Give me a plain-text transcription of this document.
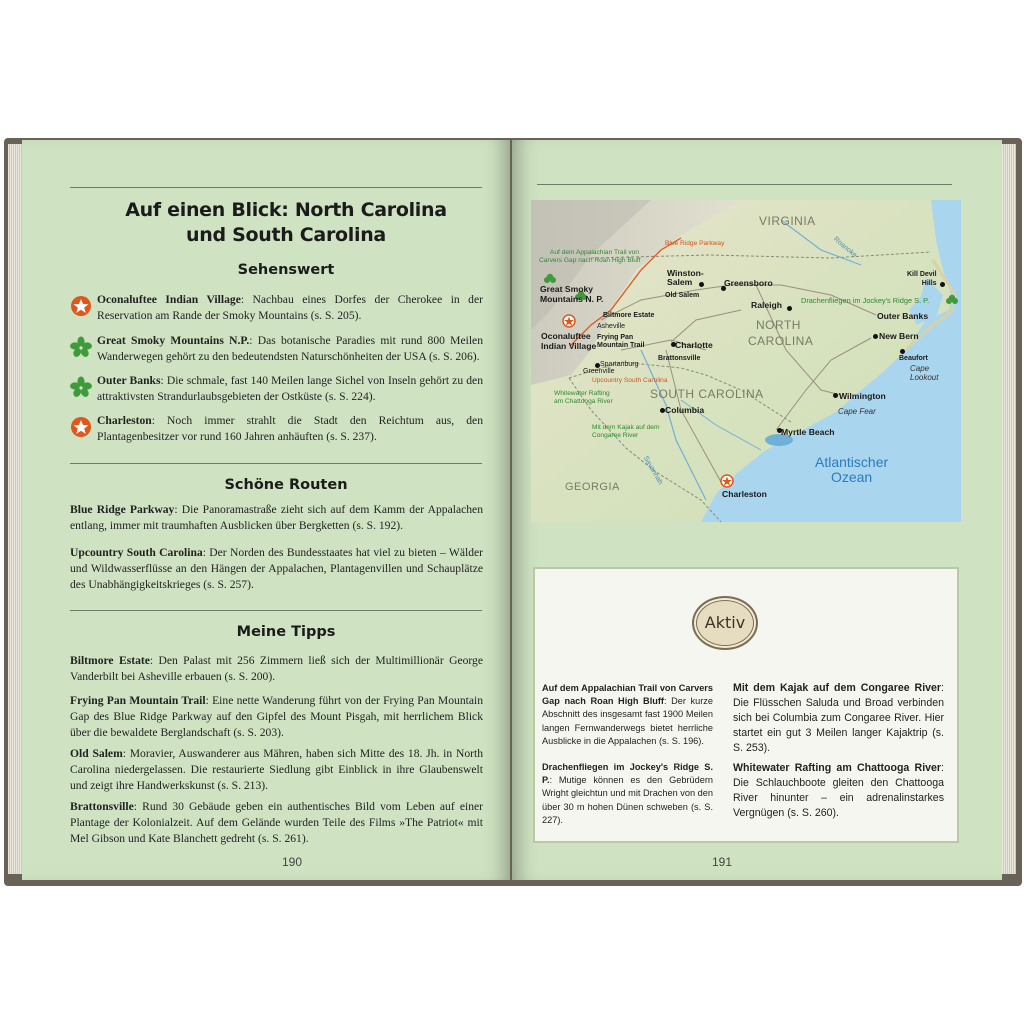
Auf einen Blick: North Carolina
und South Carolina
Sehenswert
Oconaluftee Indian Village: Nachbau eines Dorfes der Cherokee in der Reservation am Rande der Smoky Mountains (s. S. 205).
Great Smoky Mountains N.P.: Das botanische Paradies mit rund 800 Meilen Wanderwegen gehört zu den bedeutendsten Naturschönheiten der USA (s. S. 206).
Outer Banks: Die schmale, fast 140 Meilen lange Sichel von Inseln gehört zu den attraktivsten Strandurlaubsgebieten der Ostküste (s. S. 224).
Charleston: Noch immer strahlt die Stadt den Reichtum aus, den Plantagenbesitzer vor rund 160 Jahren anhäuften (s. S. 237).
Schöne Routen
Blue Ridge Parkway: Die Panoramastraße zieht sich auf dem Kamm der Appalachen entlang, immer mit traumhaften Ausblicken über Bergketten (s. S. 192).
Upcountry South Carolina: Der Norden des Bundesstaates hat viel zu bieten – Wälder und Wildwasserflüsse an den Hängen der Appalachen, Plantagenvillen und Schauplätze des Unabhängigkeitskrieges (s. S. 257).
Meine Tipps
Biltmore Estate: Den Palast mit 256 Zimmern ließ sich der Multimillionär George Vanderbilt bei Asheville erbauen (s. S. 200).
Frying Pan Mountain Trail: Eine nette Wanderung führt von der Frying Pan Mountain Gap des Blue Ridge Parkway auf den Gipfel des Mount Pisgah, mit herrlichem Blick über die bewaldete Berglandschaft (s. S. 203).
Old Salem: Moravier, Auswanderer aus Mähren, haben sich Mitte des 18. Jh. in North Carolina niedergelassen. Die restaurierte Siedlung gibt Einblick in ihre Glaubenswelt und zeigt ihre Handwerkskunst (s. S. 213).
Brattonsville: Rund 30 Gebäude geben ein authentisches Bild vom Leben auf einer Plantage der Kolonialzeit. Auf dem Gelände wurden Teile des Films »The Patriot« mit Mel Gibson und Kate Blanchett gedreht (s. S. 261).
190
VIRGINIA
NORTH
CAROLINA
SOUTH CAROLINA
GEORGIA
Atlantischer
Ozean
Winston-
Salem	Greensboro
Old Salem
Raleigh
Kill Devil
Hills
Outer Banks
New Bern
Beaufort
Cape
Lookout
Wilmington
Cape Fear
Myrtle Beach
Charleston
Columbia
Charlotte
Brattonsville
Spartanburg
Greenville
Asheville
Biltmore Estate
Frying Pan
Mountain Trail
Great Smoky
Mountains N. P.
Oconaluftee
Indian Village
Auf dem Appalachian Trail von
Carvers Gap nach Roan High Bluff
Blue Ridge Parkway
Upcountry South Carolina
Whitewater Rafting
am Chattooga River
Mit dem Kajak auf dem
Congaree River
Drachenfliegen im Jockey's Ridge S. P.
Roanoke
Savannah
Aktiv
Auf dem Appalachian Trail von Carvers Gap nach Roan High Bluff: Der kurze Abschnitt des insgesamt fast 1900 Meilen langen Fernwanderwegs bietet herrliche Ausblicke in die Appalachen (s. S. 196).
Drachenfliegen im Jockey's Ridge S. P.: Mutige können es den Gebrüdern Wright gleichtun und mit Drachen von den über 30 m hohen Dünen schweben (s. S. 227).
Mit dem Kajak auf dem Congaree River: Die Flüsschen Saluda und Broad verbinden sich bei Columbia zum Congaree River. Hier startet ein gut 3 Meilen langer Kajaktrip (s. S. 253).
Whitewater Rafting am Chattooga River: Die Schlauchboote gleiten den Chattooga River hinunter – ein adrenalinstarkes Vergnügen (s. S. 260).
191
